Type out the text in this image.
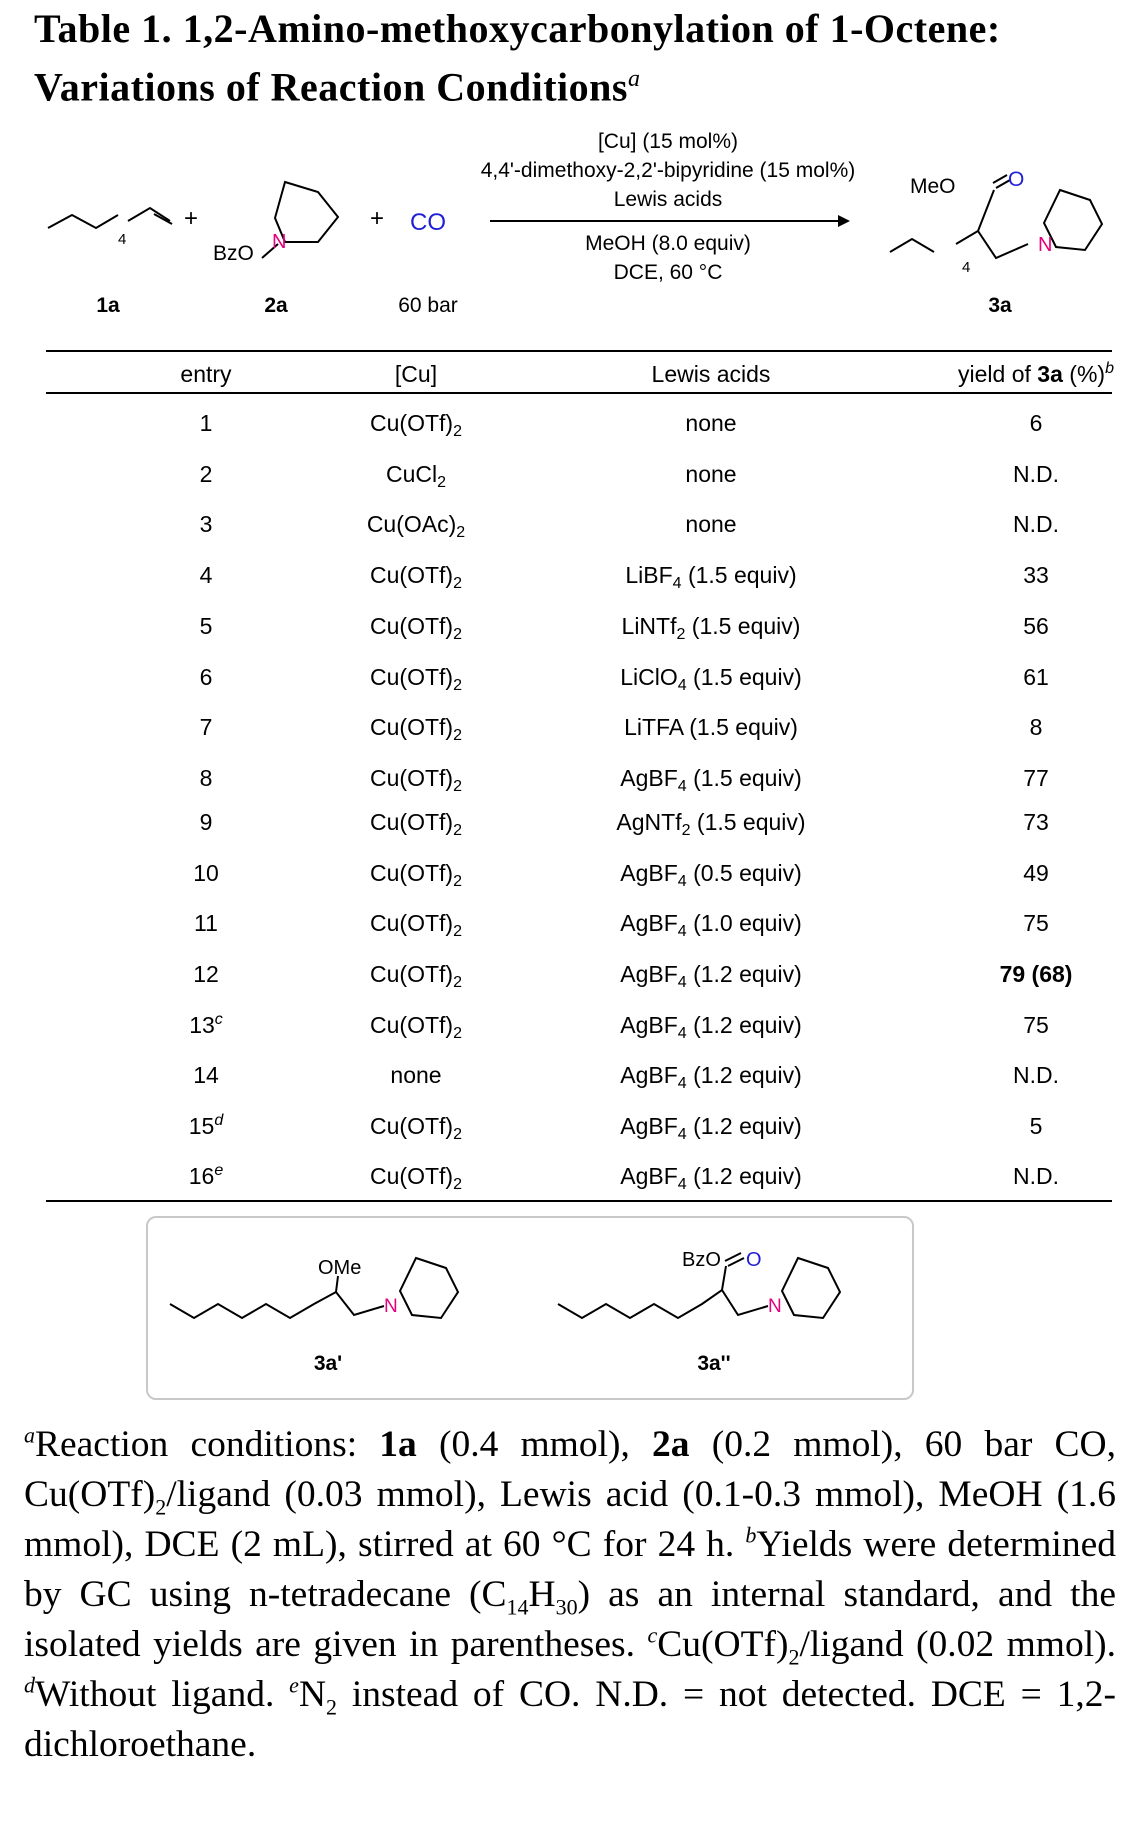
Table 1. 1,2-Amino-methoxycarbonylation of 1-Octene:
Variations of Reaction Conditions$^a$
4
4
+
BzO N
+ CO
[Cu] (15 mol%)
4,4'-dimethoxy-2,2'-bipyridine (15 mol%)
Lewis acids
MeOH (8.0 equiv)
DCE, 60 °C
MeO O
N
1a	2a	60 bar	3a
entry	[Cu]	Lewis acids	yield of 3a (%)$^b$
1	$Cu(OTf)_2$	none	6
2	CuCl$_2$	none	N.D.
3	$Cu(OAc)_2$	none	N.D.
4	$Cu(OTf)_2$	LiBF$_4$ (1.5 equiv)	33
5	$Cu(OTf)_2$	LiNTf$_2$ (1.5 equiv)	56
6	$Cu(OTf)_2$	LiClO$_4$ (1.5 equiv)	61
7	$Cu(OTf)_2$	LiTFA (1.5 equiv)	8
8	$Cu(OTf)_2$	AgBF$_4$ (1.5 equiv)	77
9	$Cu(OTf)_2$	AgNTf$_2$ (1.5 equiv)	73
10	$Cu(OTf)_2$	AgBF$_4$ (0.5 equiv)	49
11	$Cu(OTf)_2$	AgBF$_4$ (1.0 equiv)	75
12	$Cu(OTf)_2$	AgBF$_4$ (1.2 equiv)	79 (68)
13$^c$	$Cu(OTf)_2$	AgBF$_4$ (1.2 equiv)	75
14	none	AgBF$_4$ (1.2 equiv)	N.D.
15$^d$	$Cu(OTf)_2$	AgBF$_4$ (1.2 equiv)	5
16e	$Cu(OTf)_2$	AgBF$_4$ (1.2 equiv)	N.D.
OMe
N
BzO O
N
3a'	3a''
$^a$Reaction conditions: 1a (0.4 mmol), 2a (0.2 mmol), 60 bar CO, $Cu(OTf)_2$/ligand (0.03 mmol), Lewis acid (0.1-0.3 mmol), MeOH (1.6 mmol), DCE (2 mL), stirred at 60 °C for 24 h. $^b$Yields were determined by GC using n-tetradecane $(C_{14}H_{30})$ as an internal standard, and the isolated yields are given in parentheses. $^cCu(OTf)_2$/ligand (0.02 mmol). $^d$Without ligand. $^eN_2$ instead of CO. N.D. = not detected. DCE = 1,2-dichloroethane.
